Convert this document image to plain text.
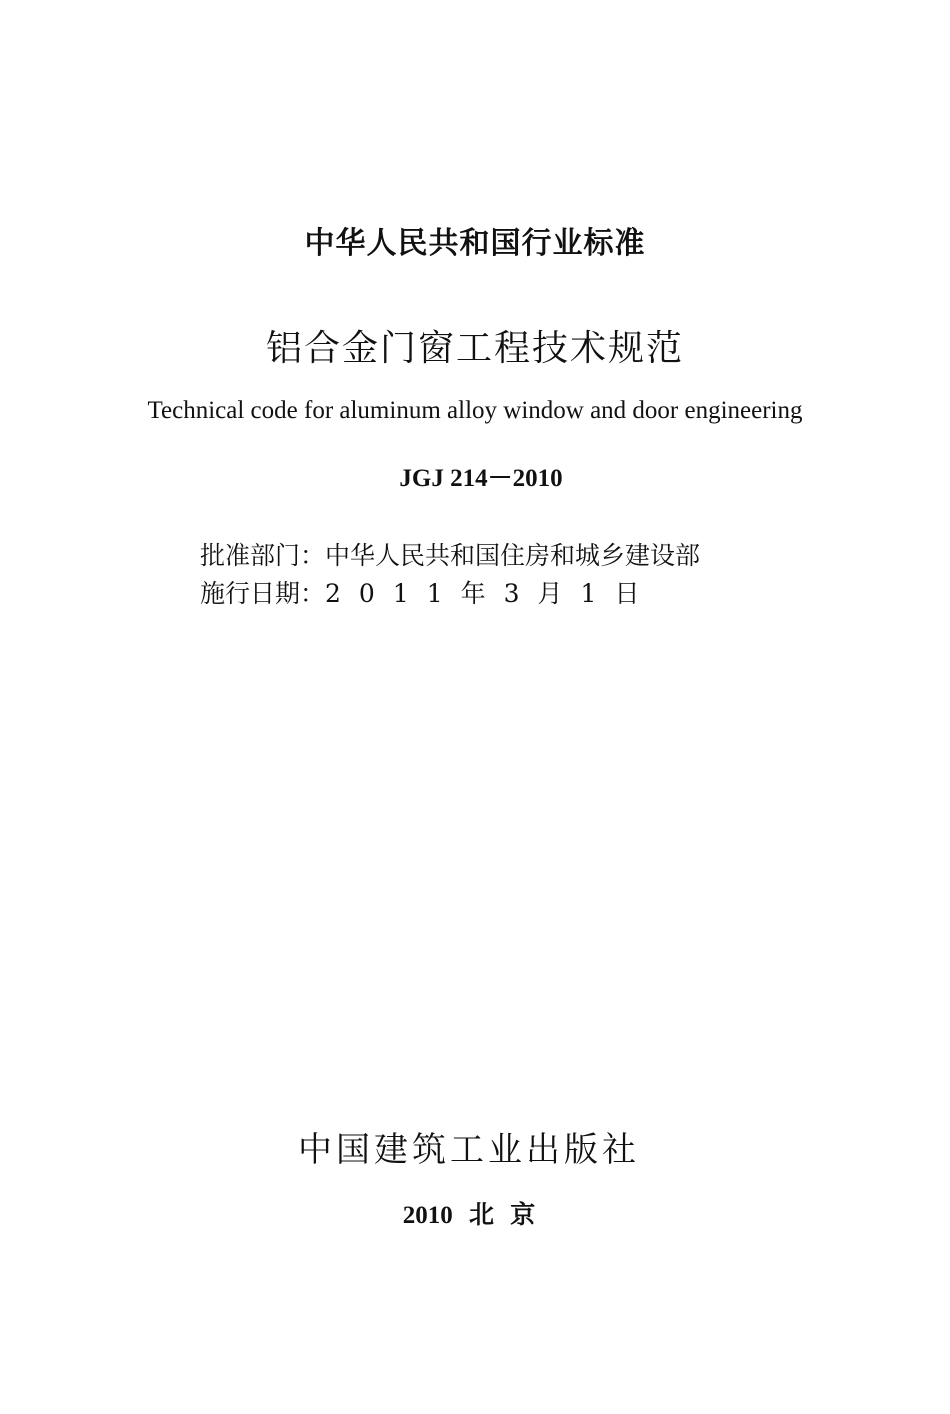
中华人民共和国行业标准
铝合金门窗工程技术规范
Technical code for aluminum alloy window and door engineering
JGJ 214－2010
批准部门：中华人民共和国住房和城乡建设部
施行日期：2011年3月1日
中国建筑工业出版社
2010 北 京
